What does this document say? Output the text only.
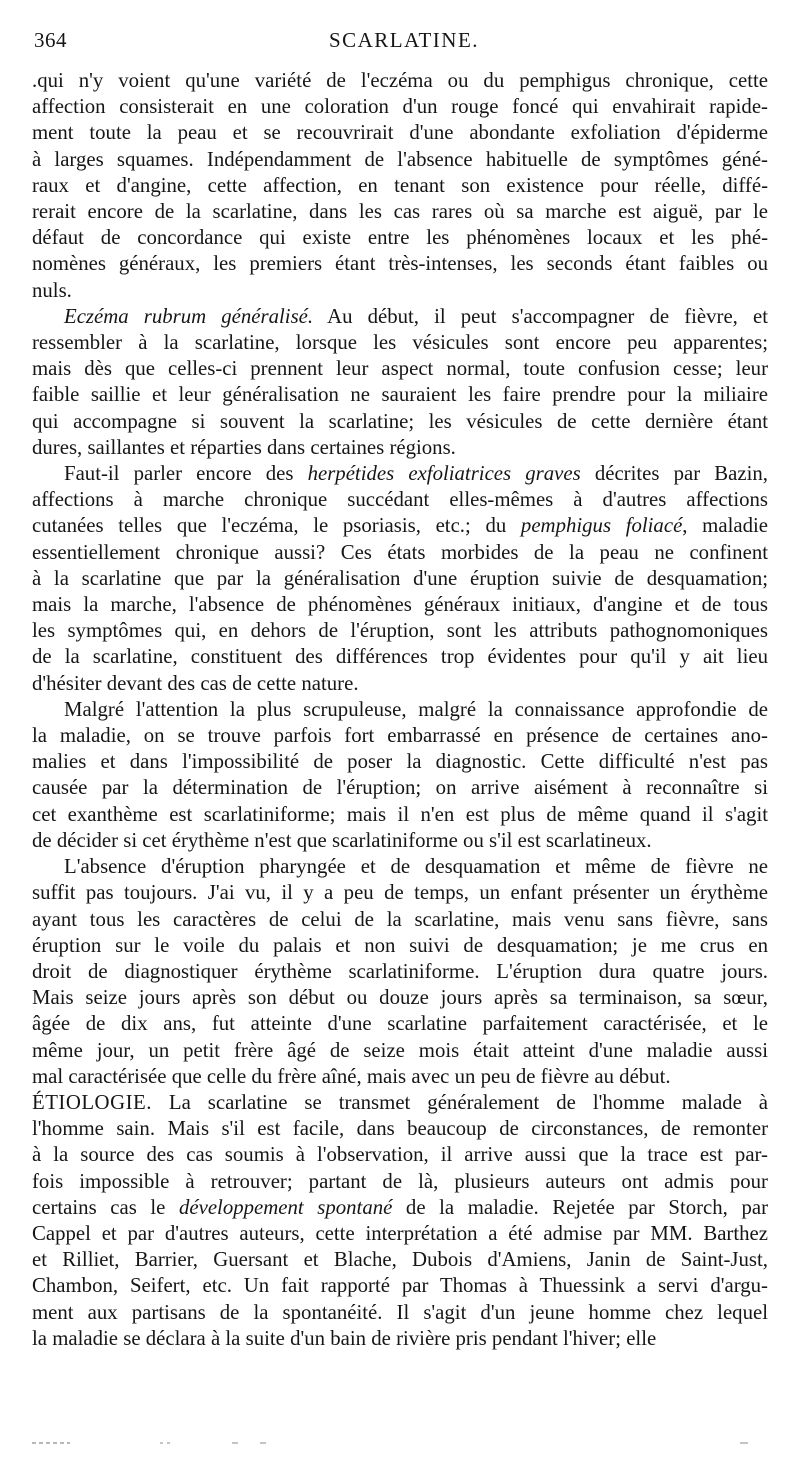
364	SCARLATINE.
.qui n'y voient qu'une variété de l'eczéma ou du pemphigus chronique, cette
affection consisterait en une coloration d'un rouge foncé qui envahirait rapide-
ment toute la peau et se recouvrirait d'une abondante exfoliation d'épiderme
à larges squames. Indépendamment de l'absence habituelle de symptômes géné-
raux et d'angine, cette affection, en tenant son existence pour réelle, diffé-
rerait encore de la scarlatine, dans les cas rares où sa marche est aiguë, par le
défaut de concordance qui existe entre les phénomènes locaux et les phé-
nomènes généraux, les premiers étant très-intenses, les seconds étant faibles ou
nuls.
Eczéma rubrum généralisé. Au début, il peut s'accompagner de fièvre, et
ressembler à la scarlatine, lorsque les vésicules sont encore peu apparentes;
mais dès que celles-ci prennent leur aspect normal, toute confusion cesse; leur
faible saillie et leur généralisation ne sauraient les faire prendre pour la miliaire
qui accompagne si souvent la scarlatine; les vésicules de cette dernière étant
dures, saillantes et réparties dans certaines régions.
Faut-il parler encore des herpétides exfoliatrices graves décrites par Bazin,
affections à marche chronique succédant elles-mêmes à d'autres affections
cutanées telles que l'eczéma, le psoriasis, etc.; du pemphigus foliacé, maladie
essentiellement chronique aussi? Ces états morbides de la peau ne confinent
à la scarlatine que par la généralisation d'une éruption suivie de desquamation;
mais la marche, l'absence de phénomènes généraux initiaux, d'angine et de tous
les symptômes qui, en dehors de l'éruption, sont les attributs pathognomoniques
de la scarlatine, constituent des différences trop évidentes pour qu'il y ait lieu
d'hésiter devant des cas de cette nature.
Malgré l'attention la plus scrupuleuse, malgré la connaissance approfondie de
la maladie, on se trouve parfois fort embarrassé en présence de certaines ano-
malies et dans l'impossibilité de poser la diagnostic. Cette difficulté n'est pas
causée par la détermination de l'éruption; on arrive aisément à reconnaître si
cet exanthème est scarlatiniforme; mais il n'en est plus de même quand il s'agit
de décider si cet érythème n'est que scarlatiniforme ou s'il est scarlatineux.
L'absence d'éruption pharyngée et de desquamation et même de fièvre ne
suffit pas toujours. J'ai vu, il y a peu de temps, un enfant présenter un érythème
ayant tous les caractères de celui de la scarlatine, mais venu sans fièvre, sans
éruption sur le voile du palais et non suivi de desquamation; je me crus en
droit de diagnostiquer érythème scarlatiniforme. L'éruption dura quatre jours.
Mais seize jours après son début ou douze jours après sa terminaison, sa sœur,
âgée de dix ans, fut atteinte d'une scarlatine parfaitement caractérisée, et le
même jour, un petit frère âgé de seize mois était atteint d'une maladie aussi
mal caractérisée que celle du frère aîné, mais avec un peu de fièvre au début.
ÉTIOLOGIE. La scarlatine se transmet généralement de l'homme malade à
l'homme sain. Mais s'il est facile, dans beaucoup de circonstances, de remonter
à la source des cas soumis à l'observation, il arrive aussi que la trace est par-
fois impossible à retrouver; partant de là, plusieurs auteurs ont admis pour
certains cas le développement spontané de la maladie. Rejetée par Storch, par
Cappel et par d'autres auteurs, cette interprétation a été admise par MM. Barthez
et Rilliet, Barrier, Guersant et Blache, Dubois d'Amiens, Janin de Saint-Just,
Chambon, Seifert, etc. Un fait rapporté par Thomas à Thuessink a servi d'argu-
ment aux partisans de la spontanéité. Il s'agit d'un jeune homme chez lequel
la maladie se déclara à la suite d'un bain de rivière pris pendant l'hiver; elle
